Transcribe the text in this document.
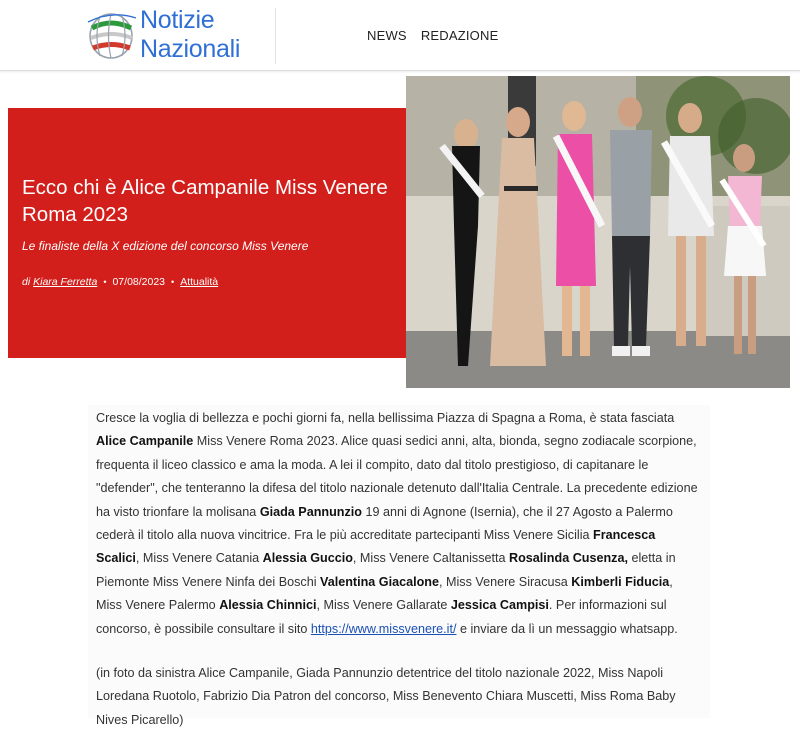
Notizie
Nazionali	NEWS REDAZIONE
Ecco chi è Alice Campanile Miss Venere Roma 2023
Le finaliste della X edizione del concorso Miss Venere
di Kiara Ferretta • 07/08/2023 • Attualità

Cresce la voglia di bellezza e pochi giorni fa, nella bellissima Piazza di Spagna a Roma, è stata fasciata Alice Campanile Miss Venere Roma 2023. Alice quasi sedici anni, alta, bionda, segno zodiacale scorpione, frequenta il liceo classico e ama la moda. A lei il compito, dato dal titolo prestigioso, di capitanare le "defender", che tenteranno la difesa del titolo nazionale detenuto dall'Italia Centrale. La precedente edizione ha visto trionfare la molisana Giada Pannunzio 19 anni di Agnone (Isernia), che il 27 Agosto a Palermo cederà il titolo alla nuova vincitrice. Fra le più accreditate partecipanti Miss Venere Sicilia Francesca Scalici, Miss Venere Catania Alessia Guccio, Miss Venere Caltanissetta Rosalinda Cusenza, eletta in Piemonte Miss Venere Ninfa dei Boschi Valentina Giacalone, Miss Venere Siracusa Kimberli Fiducia, Miss Venere Palermo Alessia Chinnici, Miss Venere Gallarate Jessica Campisi. Per informazioni sul concorso, è possibile consultare il sito https://www.missvenere.it/ e inviare da lì un messaggio whatsapp.

(in foto da sinistra Alice Campanile, Giada Pannunzio detentrice del titolo nazionale 2022, Miss Napoli Loredana Ruotolo, Fabrizio Dia Patron del concorso, Miss Benevento Chiara Muscetti, Miss Roma Baby Nives Picarello)
